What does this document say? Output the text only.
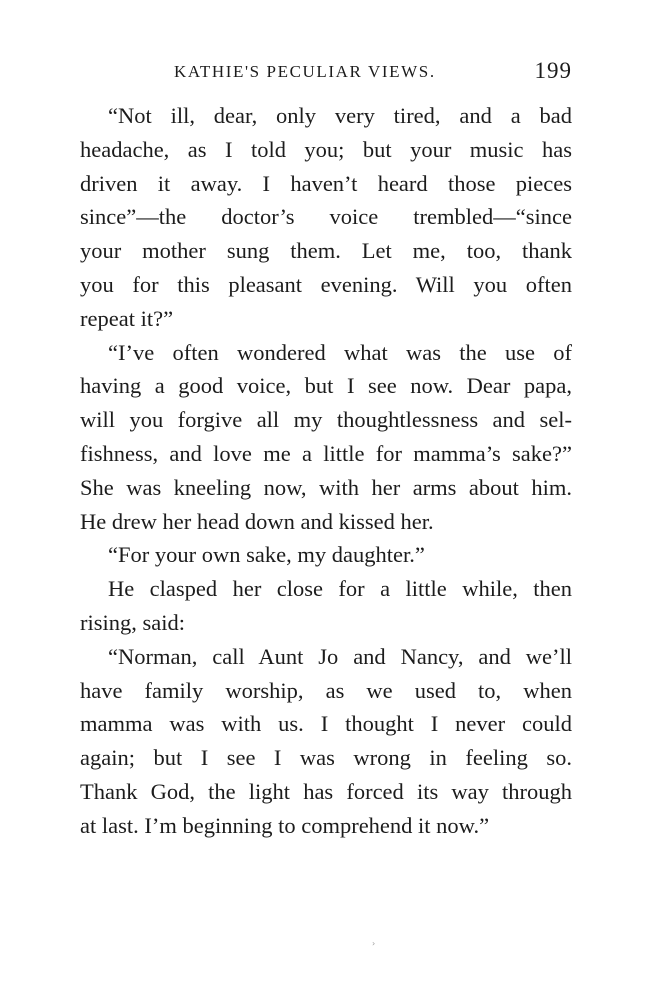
KATHIE'S PECULIAR VIEWS.	199
“Not ill, dear, only very tired, and a bad
headache, as I told you; but your music has
driven it away. I haven’t heard those pieces
since”—the doctor’s voice trembled—“since
your mother sung them. Let me, too, thank
you for this pleasant evening. Will you often
repeat it?”
“I’ve often wondered what was the use of
having a good voice, but I see now. Dear papa,
will you forgive all my thoughtlessness and sel-
fishness, and love me a little for mamma’s sake?”
She was kneeling now, with her arms about him.
He drew her head down and kissed her.
“For your own sake, my daughter.”
He clasped her close for a little while, then
rising, said:
“Norman, call Aunt Jo and Nancy, and we’ll
have family worship, as we used to, when
mamma was with us. I thought I never could
again; but I see I was wrong in feeling so.
Thank God, the light has forced its way through
at last. I’m beginning to comprehend it now.”
›
